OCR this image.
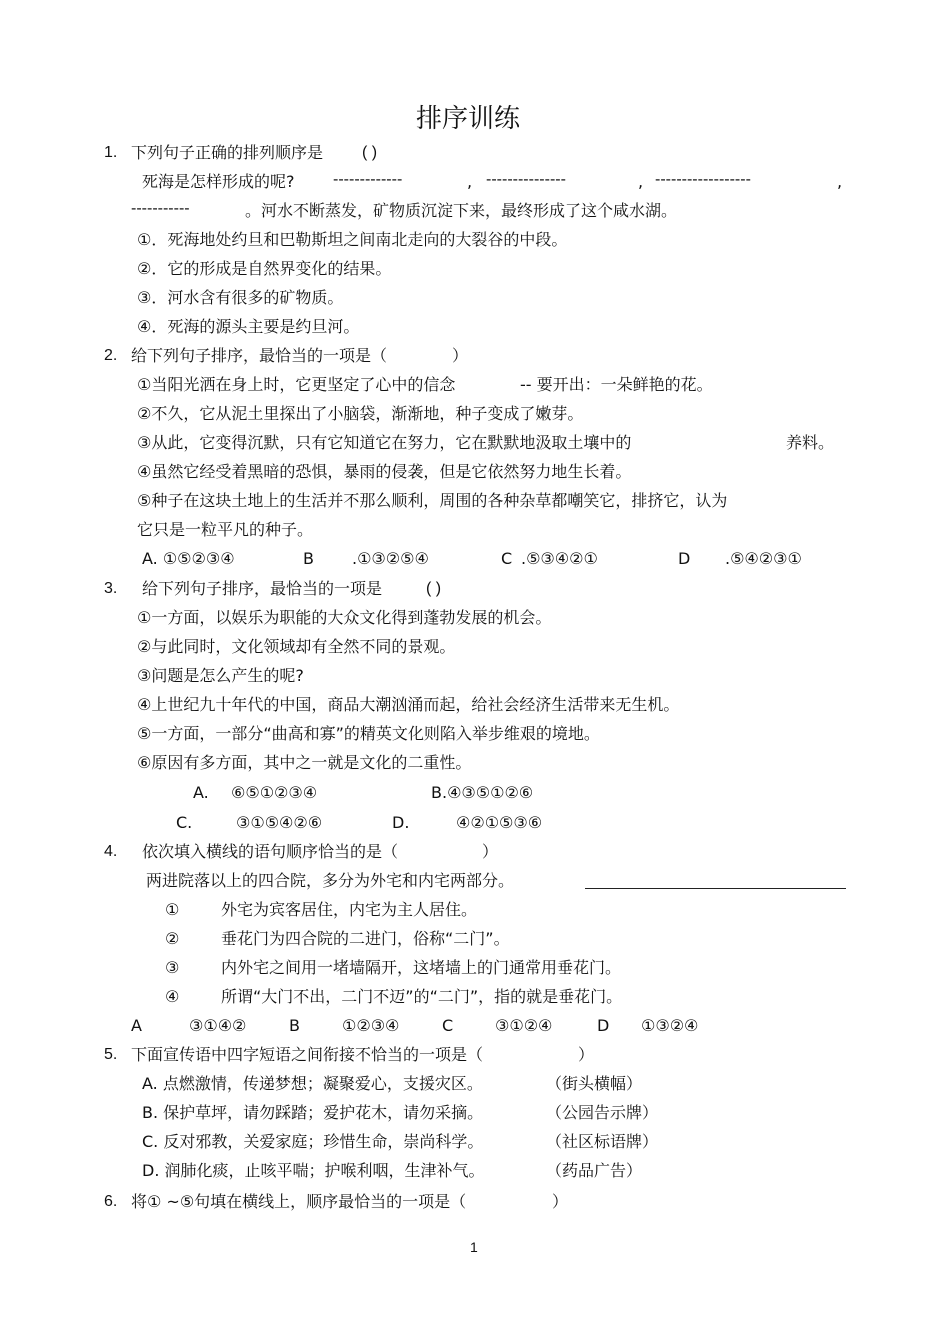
排序训练
1. 下列句子正确的排列顺序是 ( )
死海是怎样形成的呢? -------------	, ---------------	, ------------------	,
-----------	。河水不断蒸发，矿物质沉淀下来，最终形成了这个咸水湖。
①．死海地处约旦和巴勒斯坦之间南北走向的大裂谷的中段。
②．它的形成是自然界变化的结果。
③．河水含有很多的矿物质。
④．死海的源头主要是约旦河。
2. 给下列句子排序，最恰当的一项是（	）
①当阳光洒在身上时，它更坚定了心中的信念	-- 要开出：一朵鲜艳的花。
②不久，它从泥土里探出了小脑袋，渐渐地，种子变成了嫩芽。
③从此，它变得沉默，只有它知道它在努力，它在默默地汲取土壤中的	养料。
④虽然它经受着黑暗的恐惧，暴雨的侵袭，但是它依然努力地生长着。
⑤种子在这块土地上的生活并不那么顺利，周围的各种杂草都嘲笑它，排挤它，认为
它只是一粒平凡的种子。
A. ①⑤②③④	B .①③②⑤④	C .⑤③④②①	D .⑤④②③①
3. 给下列句子排序，最恰当的一项是	( )
①一方面，以娱乐为职能的大众文化得到蓬勃发展的机会。
②与此同时，文化领域却有全然不同的景观。
③问题是怎么产生的呢?
④上世纪九十年代的中国，商品大潮汹涌而起，给社会经济生活带来无生机。
⑤一方面，一部分“曲高和寡”的精英文化则陷入举步维艰的境地。
⑥原因有多方面，其中之一就是文化的二重性。
A. ⑥⑤①②③④	B.④③⑤①②⑥
C.	③①⑤④②⑥	D.	④②①⑤③⑥
4. 依次填入横线的语句顺序恰当的是（	）
两进院落以上的四合院，多分为外宅和内宅两部分。
①	外宅为宾客居住，内宅为主人居住。
②	垂花门为四合院的二进门，俗称“二门”。
③	内外宅之间用一堵墙隔开，这堵墙上的门通常用垂花门。
④	所谓“大门不出，二门不迈”的“二门”，指的就是垂花门。
A	③①④②	B	①②③④	C	③①②④	D ①③②④
5. 下面宣传语中四字短语之间衔接不恰当的一项是（	）
A. 点燃激情，传递梦想；凝聚爱心，支援灾区。	（街头横幅）
B. 保护草坪，请勿踩踏；爱护花木，请勿采摘。	（公园告示牌）
C. 反对邪教，关爱家庭；珍惜生命，崇尚科学。	（社区标语牌）
D. 润肺化痰，止咳平喘；护喉利咽，生津补气。	（药品广告）
6. 将① ~⑤句填在横线上，顺序最恰当的一项是（	）
1
